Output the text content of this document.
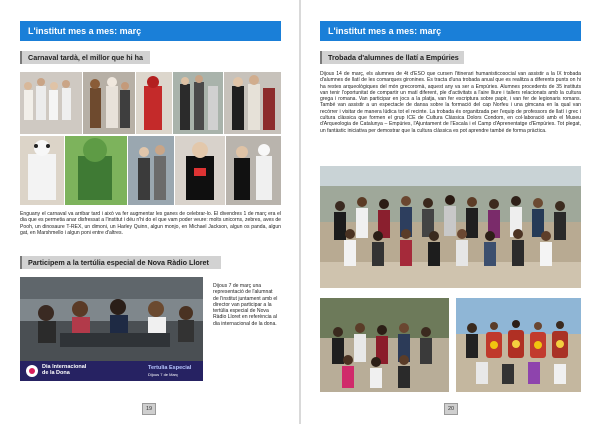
L'institut mes a mes: març
Carnaval tardà, el millor que hi ha
Enguany el carnaval va arribar tard i això va fer augmentar les ganes de celebrar-lo. El divendres 1 de març era el dia que es permetia anar disfressat a l'institut i déu n'hi do el que vam poder veure: molts unicorns, zebres, aves de Pooh, un dinosaure T-REX, un dimoni, un Harley Quinn, algun monjo, en Michael Jackson, algun os panda, algun gat, en Marshmello i algun poni entre d'altres.
Participem a la tertúlia especial de Nova Ràdio Lloret
Dia Internacional
de la Dona
Tertulia Especial
Dijous 7 de Març
Dijous 7 de març una representació de l'alumnat de l'institut juntament amb el director van participar a la tertúlia especial de Nova Ràdio Lloret en referència al dia internacional de la dona.
19
L'institut mes a mes: març
Trobada d'alumnes de llatí a Empúries
Dijous 14 de març, els alumnes de 4t d'ESO que cursen l'itinerari humanisticosocial van assistir a la IX trobada d'alumnes de llatí de les comarques gironines. Es tracta d'una trobada anual que es realitza a diferents punts on hi ha restes arqueològiques del món grecoromà, aquest any va ser a Empúries. Alumnes procedents de 35 instituts van tenir l'oportunitat de compartir un matí diferent, ple d'activitats a l'aire lliure i tallers relacionats amb la cultura grega i romana. Van participar en jocs a la platja, van fer escriptura sobre papir, i van fer de legionaris romans. També van assistir a un espectacle de dansa sobre la formació del cap Norfeu i una gimcana en la qual van recórrer i visitar de manera lúdica tot el recinte. La trobada és organitzada per l'equip de professors de llatí i grec i cultura clàssica que formen el grup ICE de Cultura Clàssica Dolors Condom, en col·laboració amb el Museu d'Arqueologia de Catalunya – Empúries, l'Ajuntament de l'Escala i el Camp d'Aprenentatge d'Empúries. Tot plegat, un fantàstic iniciativa per demostrar que la cultura clàssica es pot aprendre també de forma pràctica.
20
